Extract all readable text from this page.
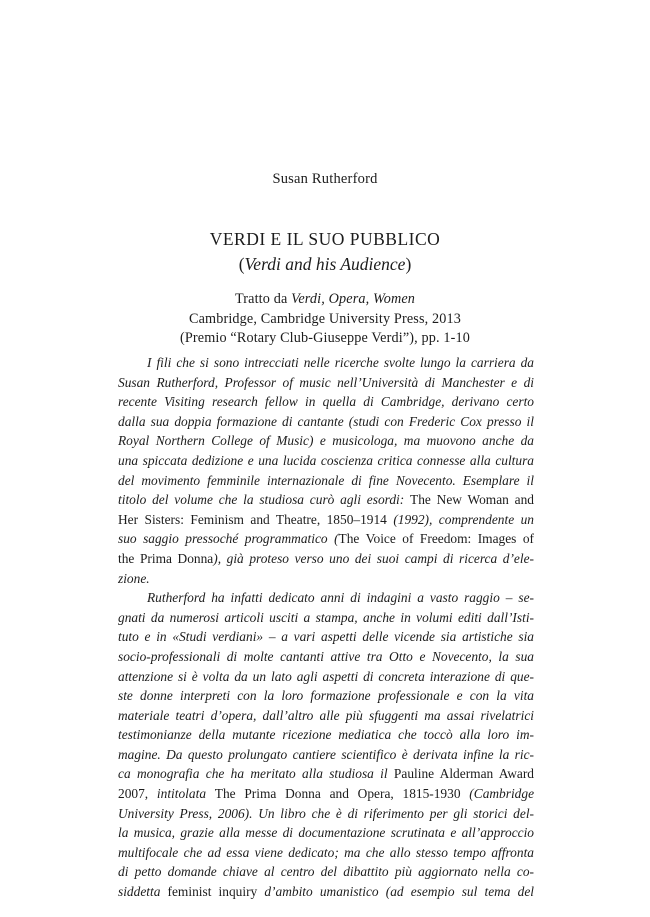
Susan Rutherford
VERDI E IL SUO PUBBLICO
(Verdi and his Audience)
Tratto da Verdi, Opera, Women
Cambridge, Cambridge University Press, 2013
(Premio “Rotary Club-Giuseppe Verdi”), pp. 1-10
I fili che si sono intrecciati nelle ricerche svolte lungo la carriera da
Susan Rutherford, Professor of music nell’Università di Manchester e di
recente Visiting research fellow in quella di Cambridge, derivano certo
dalla sua doppia formazione di cantante (studi con Frederic Cox presso il
Royal Northern College of Music) e musicologa, ma muovono anche da
una spiccata dedizione e una lucida coscienza critica connesse alla cultura
del movimento femminile internazionale di fine Novecento. Esemplare il
titolo del volume che la studiosa curò agli esordi: The New Woman and
Her Sisters: Feminism and Theatre, 1850–1914 (1992), comprendente un
suo saggio pressoché programmatico (The Voice of Freedom: Images of
the Prima Donna), già proteso verso uno dei suoi campi di ricerca d’ele-
zione.
Rutherford ha infatti dedicato anni di indagini a vasto raggio – se-
gnati da numerosi articoli usciti a stampa, anche in volumi editi dall’Isti-
tuto e in «Studi verdiani» – a vari aspetti delle vicende sia artistiche sia
socio-professionali di molte cantanti attive tra Otto e Novecento, la sua
attenzione si è volta da un lato agli aspetti di concreta interazione di que-
ste donne interpreti con la loro formazione professionale e con la vita
materiale teatri d’opera, dall’altro alle più sfuggenti ma assai rivelatrici
testimonianze della mutante ricezione mediatica che toccò alla loro im-
magine. Da questo prolungato cantiere scientifico è derivata infine la ric-
ca monografia che ha meritato alla studiosa il Pauline Alderman Award
2007, intitolata The Prima Donna and Opera, 1815-1930 (Cambridge
University Press, 2006). Un libro che è di riferimento per gli storici del-
la musica, grazie alla messe di documentazione scrutinata e all’approccio
multifocale che ad essa viene dedicato; ma che allo stesso tempo affronta
di petto domande chiave al centro del dibattito più aggiornato nella co-
siddetta feminist inquiry d’ambito umanistico (ad esempio sul tema del
